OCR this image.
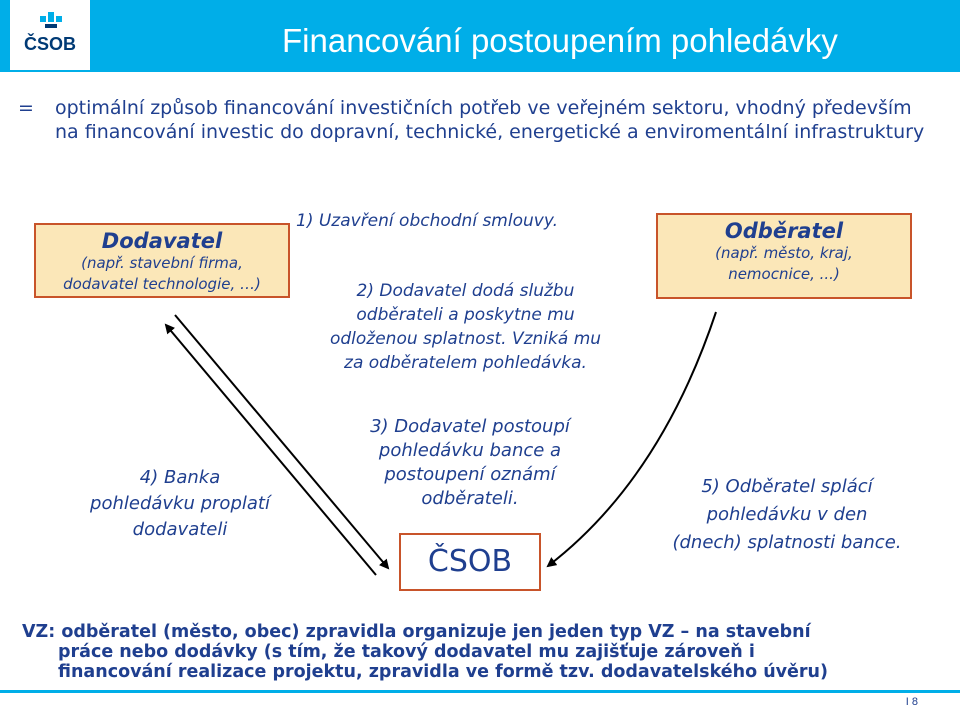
ČSOB	Financování postoupením pohledávky
= optimální způsob financování investičních potřeb ve veřejném sektoru, vhodný především na financování investic do dopravní, technické, energetické a enviromentální infrastruktury
Dodavatel
(např. stavební firma,
dodavatel technologie, …)
Odběratel
(např. město, kraj,
nemocnice, ...)
1) Uzavření obchodní smlouvy.
2) Dodavatel dodá službu
odběrateli a poskytne mu
odloženou splatnost. Vzniká mu
za odběratelem pohledávka.
3) Dodavatel postoupí
pohledávku bance a
postoupení oznámí
odběrateli.
4) Banka
pohledávku proplatí
dodavateli
5) Odběratel splácí
pohledávku v den
(dnech) splatnosti bance.
ČSOB
VZ: odběratel (město, obec) zpravidla organizuje jen jeden typ VZ – na stavební
práce nebo dodávky (s tím, že takový dodavatel mu zajišťuje zároveň i
financování realizace projektu, zpravidla ve formě tzv. dodavatelského úvěru)
I 8
